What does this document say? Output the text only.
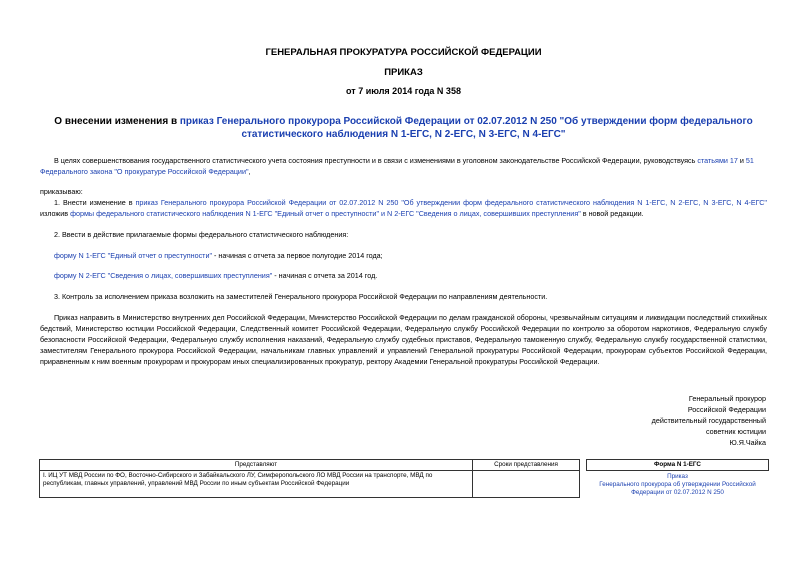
ГЕНЕРАЛЬНАЯ ПРОКУРАТУРА РОССИЙСКОЙ ФЕДЕРАЦИИ
ПРИКАЗ
от 7 июля 2014 года N 358
О внесении изменения в приказ Генерального прокурора Российской Федерации от 02.07.2012 N 250 "Об утверждении форм федерального статистического наблюдения N 1-ЕГС, N 2-ЕГС, N 3-ЕГС, N 4-ЕГС"
В целях совершенствования государственного статистического учета состояния преступности и в связи с изменениями в уголовном законодательстве Российской Федерации, руководствуясь статьями 17 и 51
Федерального закона "О прокуратуре Российской Федерации",
приказываю:
1. Внести изменение в приказ Генерального прокурора Российской Федерации от 02.07.2012 N 250 "Об утверждении форм федерального статистического наблюдения N 1-ЕГС, N 2-ЕГС, N 3-ЕГС, N 4-ЕГС" изложив формы федерального статистического наблюдения N 1-ЕГС "Единый отчет о преступности" и N 2-ЕГС "Сведения о лицах, совершивших преступления" в новой редакции.
2. Ввести в действие прилагаемые формы федерального статистического наблюдения:
форму N 1-ЕГС "Единый отчет о преступности" - начиная с отчета за первое полугодие 2014 года;
форму N 2-ЕГС "Сведения о лицах, совершивших преступления" - начиная с отчета за 2014 год.
3. Контроль за исполнением приказа возложить на заместителей Генерального прокурора Российской Федерации по направлениям деятельности.
Приказ направить в Министерство внутренних дел Российской Федерации, Министерство Российской Федерации по делам гражданской обороны, чрезвычайным ситуациям и ликвидации последствий стихийных бедствий, Министерство юстиции Российской Федерации, Следственный комитет Российской Федерации, Федеральную службу Российской Федерации по контролю за оборотом наркотиков, Федеральную службу безопасности Российской Федерации, Федеральную службу исполнения наказаний, Федеральную службу судебных приставов, Федеральную таможенную службу, Федеральную службу государственной статистики, заместителям Генерального прокурора Российской Федерации, начальникам главных управлений и управлений Генеральной прокуратуры Российской Федерации, прокурорам субъектов Российской Федерации, приравненным к ним военным прокурорам и прокурорам иных специализированных прокуратур, ректору Академии Генеральной прокуратуры Российской Федерации.
Генеральный прокурор
Российской Федерации
действительный государственный
советник юстиции
Ю.Я.Чайка
Представляют	Сроки представления
I. ИЦ УТ МВД России по ФО, Восточно-Сибирского и Забайкальского ЛУ, Симферопольского ЛО МВД России на транспорте, МВД по республикам, главных управлений, управлений МВД России по иным субъектам Российской Федерации	
Форма N 1-ЕГС
Приказ
Генерального прокурора об утверждении Российской
Федерации от 02.07.2012 N 250
